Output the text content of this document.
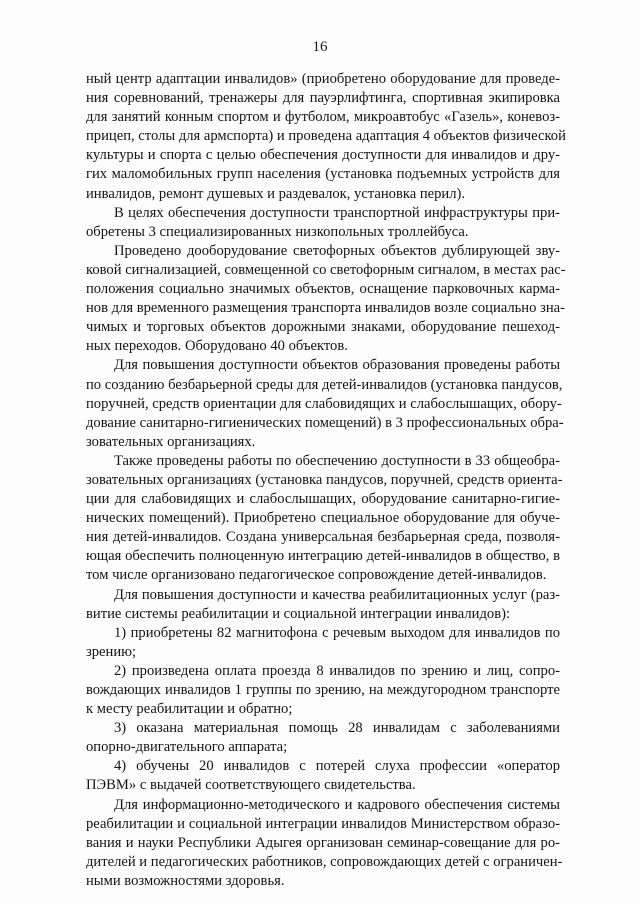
16
ный центр адаптации инвалидов» (приобретено оборудование для проведе-
ния соревнований, тренажеры для пауэрлифтинга, спортивная экипировка
для занятий конным спортом и футболом, микроавтобус «Газель», коневоз-
прицеп, столы для армспорта) и проведена адаптация 4 объектов физической
культуры и спорта с целью обеспечения доступности для инвалидов и дру-
гих маломобильных групп населения (установка подъемных устройств для
инвалидов, ремонт душевых и раздевалок, установка перил).
В целях обеспечения доступности транспортной инфраструктуры при-
обретены 3 специализированных низкопольных троллейбуса.
Проведено дооборудование светофорных объектов дублирующей зву-
ковой сигнализацией, совмещенной со светофорным сигналом, в местах рас-
положения социально значимых объектов, оснащение парковочных карма-
нов для временного размещения транспорта инвалидов возле социально зна-
чимых и торговых объектов дорожными знаками, оборудование пешеход-
ных переходов. Оборудовано 40 объектов.
Для повышения доступности объектов образования проведены работы
по созданию безбарьерной среды для детей-инвалидов (установка пандусов,
поручней, средств ориентации для слабовидящих и слабослышащих, обору-
дование санитарно-гигиенических помещений) в 3 профессиональных обра-
зовательных организациях.
Также проведены работы по обеспечению доступности в 33 общеобра-
зовательных организациях (установка пандусов, поручней, средств ориента-
ции для слабовидящих и слабослышащих, оборудование санитарно-гигие-
нических помещений). Приобретено специальное оборудование для обуче-
ния детей-инвалидов. Создана универсальная безбарьерная среда, позволя-
ющая обеспечить полноценную интеграцию детей-инвалидов в общество, в
том числе организовано педагогическое сопровождение детей-инвалидов.
Для повышения доступности и качества реабилитационных услуг (раз-
витие системы реабилитации и социальной интеграции инвалидов):
1) приобретены 82 магнитофона с речевым выходом для инвалидов по
зрению;
2) произведена оплата проезда 8 инвалидов по зрению и лиц, сопро-
вождающих инвалидов 1 группы по зрению, на междугородном транспорте
к месту реабилитации и обратно;
3) оказана материальная помощь 28 инвалидам с заболеваниями
опорно-двигательного аппарата;
4) обучены 20 инвалидов с потерей слуха профессии «оператор
ПЭВМ» с выдачей соответствующего свидетельства.
Для информационно-методического и кадрового обеспечения системы
реабилитации и социальной интеграции инвалидов Министерством образо-
вания и науки Республики Адыгея организован семинар-совещание для ро-
дителей и педагогических работников, сопровождающих детей с ограничен-
ными возможностями здоровья.
